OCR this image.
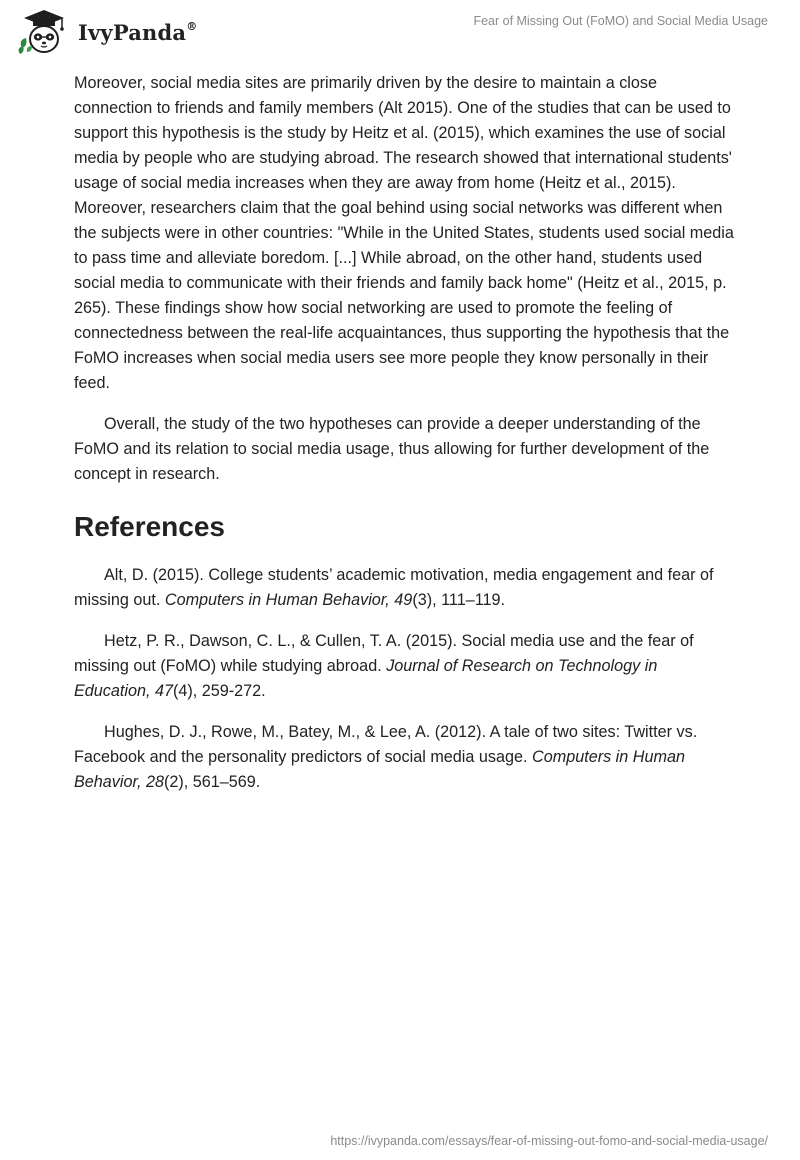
IvyPanda®	Fear of Missing Out (FoMO) and Social Media Usage

Moreover, social media sites are primarily driven by the desire to maintain a close connection to friends and family members (Alt 2015). One of the studies that can be used to support this hypothesis is the study by Heitz et al. (2015), which examines the use of social media by people who are studying abroad. The research showed that international students' usage of social media increases when they are away from home (Heitz et al., 2015). Moreover, researchers claim that the goal behind using social networks was different when the subjects were in other countries: "While in the United States, students used social media to pass time and alleviate boredom. [...] While abroad, on the other hand, students used social media to communicate with their friends and family back home" (Heitz et al., 2015, p. 265). These findings show how social networking are used to promote the feeling of connectedness between the real-life acquaintances, thus supporting the hypothesis that the FoMO increases when social media users see more people they know personally in their feed.

Overall, the study of the two hypotheses can provide a deeper understanding of the FoMO and its relation to social media usage, thus allowing for further development of the concept in research.

References

Alt, D. (2015). College students’ academic motivation, media engagement and fear of missing out. Computers in Human Behavior, 49(3), 111–119.

Hetz, P. R., Dawson, C. L., & Cullen, T. A. (2015). Social media use and the fear of missing out (FoMO) while studying abroad. Journal of Research on Technology in Education, 47(4), 259-272.

Hughes, D. J., Rowe, M., Batey, M., & Lee, A. (2012). A tale of two sites: Twitter vs. Facebook and the personality predictors of social media usage. Computers in Human Behavior, 28(2), 561–569.

https://ivypanda.com/essays/fear-of-missing-out-fomo-and-social-media-usage/
